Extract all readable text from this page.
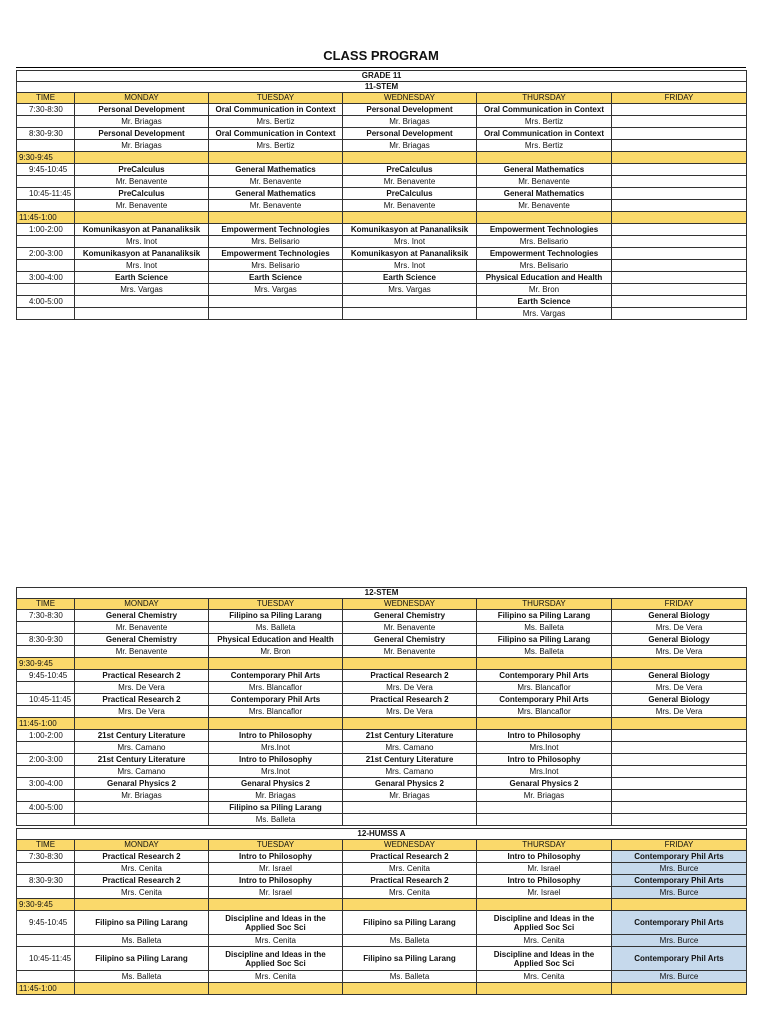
CLASS PROGRAM
GRADE 11					
11-STEM					
TIME	MONDAY	TUESDAY	WEDNESDAY	THURSDAY	FRIDAY
7:30-8:30	Personal Development	Oral Communication in Context	Personal Development	Oral Communication in Context	
	Mr. Briagas	Mrs. Bertiz	Mr. Briagas	Mrs. Bertiz	
8:30-9:30	Personal Development	Oral Communication in Context	Personal Development	Oral Communication in Context	
	Mr. Briagas	Mrs. Bertiz	Mr. Briagas	Mrs. Bertiz	
9:30-9:45					
9:45-10:45	PreCalculus	General Mathematics	PreCalculus	General Mathematics	
	Mr. Benavente	Mr. Benavente	Mr. Benavente	Mr. Benavente	
10:45-11:45	PreCalculus	General Mathematics	PreCalculus	General Mathematics	
	Mr. Benavente	Mr. Benavente	Mr. Benavente	Mr. Benavente	
11:45-1:00					
1:00-2:00	Komunikasyon at Pananaliksik	Empowerment Technologies	Komunikasyon at Pananaliksik	Empowerment Technologies	
	Mrs. Inot	Mrs. Belisario	Mrs. Inot	Mrs. Belisario	
2:00-3:00	Komunikasyon at Pananaliksik	Empowerment Technologies	Komunikasyon at Pananaliksik	Empowerment Technologies	
	Mrs. Inot	Mrs. Belisario	Mrs. Inot	Mrs. Belisario	
3:00-4:00	Earth Science	Earth Science	Earth Science	Physical Education and Health	
	Mrs. Vargas	Mrs. Vargas	Mrs. Vargas	Mr. Bron	
4:00-5:00				Earth Science	
				Mrs. Vargas	
12-STEM					
TIME	MONDAY	TUESDAY	WEDNESDAY	THURSDAY	FRIDAY
7:30-8:30	General Chemistry	Filipino sa Piling Larang	General Chemistry	Filipino sa Piling Larang	General Biology
	Mr. Benavente	Ms. Balleta	Mr. Benavente	Ms. Balleta	Mrs. De Vera
8:30-9:30	General Chemistry	Physical Education and Health	General Chemistry	Filipino sa Piling Larang	General Biology
	Mr. Benavente	Mr. Bron	Mr. Benavente	Ms. Balleta	Mrs. De Vera
9:30-9:45					
9:45-10:45	Practical Research 2	Contemporary Phil Arts	Practical Research 2	Contemporary Phil Arts	General Biology
	Mrs. De Vera	Mrs. Blancaflor	Mrs. De Vera	Mrs. Blancaflor	Mrs. De Vera
10:45-11:45	Practical Research 2	Contemporary Phil Arts	Practical Research 2	Contemporary Phil Arts	General Biology
	Mrs. De Vera	Mrs. Blancaflor	Mrs. De Vera	Mrs. Blancaflor	Mrs. De Vera
11:45-1:00					
1:00-2:00	21st Century Literature	Intro to Philosophy	21st Century Literature	Intro to Philosophy	
	Mrs. Camano	Mrs.Inot	Mrs. Camano	Mrs.Inot	
2:00-3:00	21st Century Literature	Intro to Philosophy	21st Century Literature	Intro to Philosophy	
	Mrs. Camano	Mrs.Inot	Mrs. Camano	Mrs.Inot	
3:00-4:00	Genaral Physics 2	Genaral Physics 2	Genaral Physics 2	Genaral Physics 2	
	Mr. Briagas	Mr. Briagas	Mr. Briagas	Mr. Briagas	
4:00-5:00		Filipino sa Piling Larang			
		Ms. Balleta			
12-HUMSS A					
TIME	MONDAY	TUESDAY	WEDNESDAY	THURSDAY	FRIDAY
7:30-8:30	Practical Research 2	Intro to Philosophy	Practical Research 2	Intro to Philosophy	Contemporary Phil Arts
	Mrs. Cenita	Mr. Israel	Mrs. Cenita	Mr. Israel	Mrs. Burce
8:30-9:30	Practical Research 2	Intro to Philosophy	Practical Research 2	Intro to Philosophy	Contemporary Phil Arts
	Mrs. Cenita	Mr. Israel	Mrs. Cenita	Mr. Israel	Mrs. Burce
9:30-9:45					
9:45-10:45	Filipino sa Piling Larang	Discipline and Ideas in the Applied Soc Sci	Filipino sa Piling Larang	Discipline and Ideas in the Applied Soc Sci	Contemporary Phil Arts
	Ms. Balleta	Mrs. Cenita	Ms. Balleta	Mrs. Cenita	Mrs. Burce
10:45-11:45	Filipino sa Piling Larang	Discipline and Ideas in the Applied Soc Sci	Filipino sa Piling Larang	Discipline and Ideas in the Applied Soc Sci	Contemporary Phil Arts
	Ms. Balleta	Mrs. Cenita	Ms. Balleta	Mrs. Cenita	Mrs. Burce
11:45-1:00					
